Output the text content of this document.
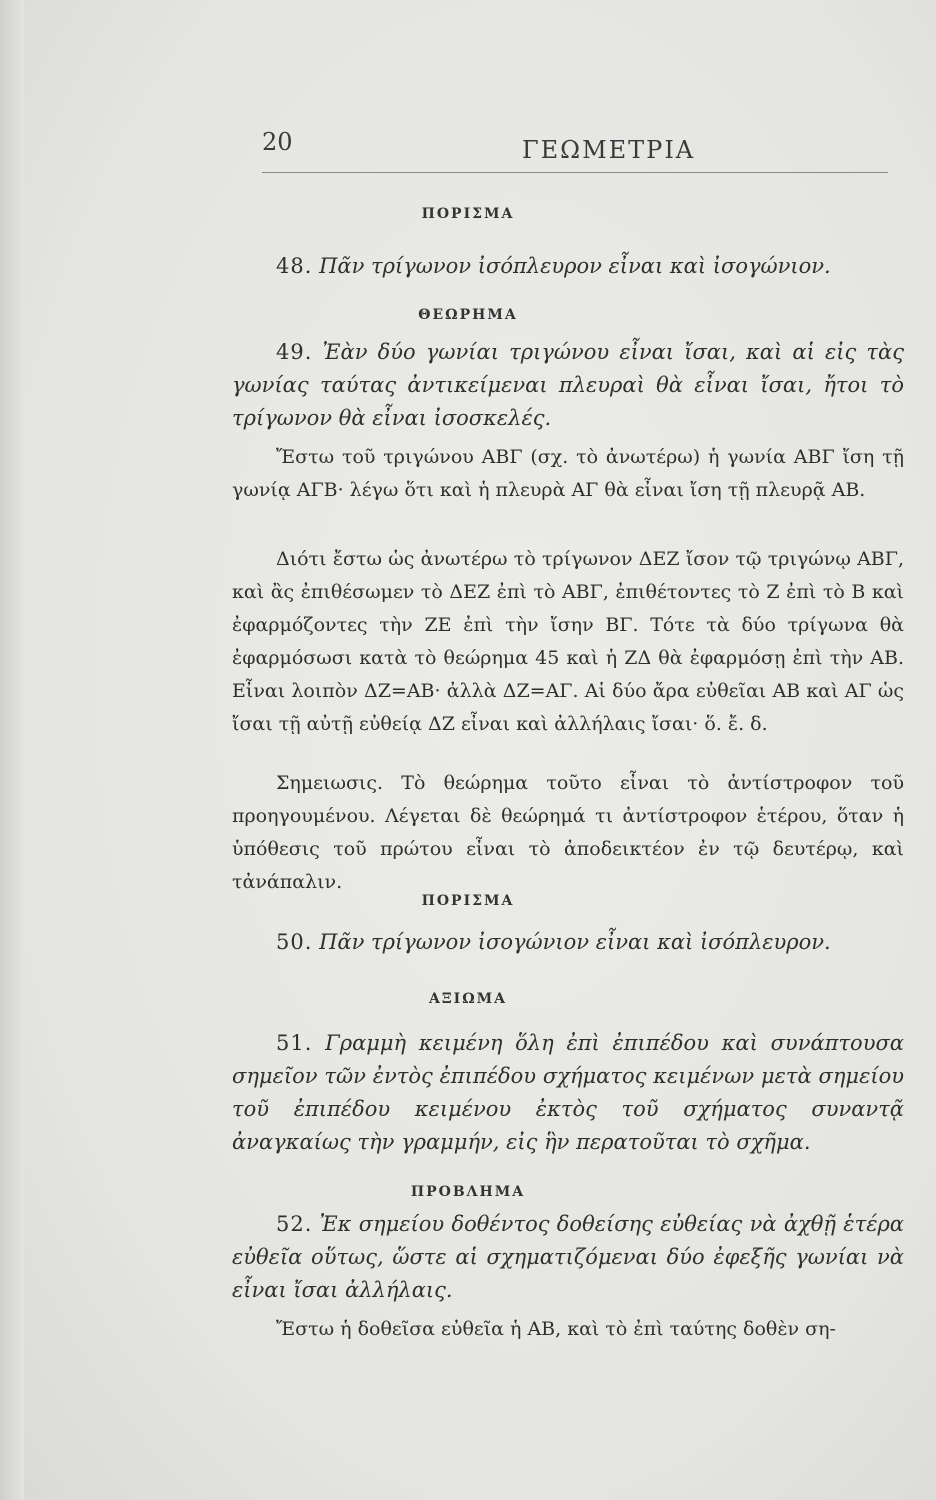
20	ΓΕΩΜΕΤΡΙΑ
ΠΟΡΙΣΜΑ
48. Πᾶν τρίγωνον ἰσόπλευρον εἶναι καὶ ἰσογώνιον.
ΘΕΩΡΗΜΑ
49. Ἐὰν δύο γωνίαι τριγώνου εἶναι ἴσαι, καὶ αἱ εἰς τὰς γωνίας ταύτας ἀντικείμεναι πλευραὶ θὰ εἶναι ἴσαι, ἤτοι τὸ τρίγωνον θὰ εἶναι ἰσοσκελές.
Ἔστω τοῦ τριγώνου ΑΒΓ (σχ. τὸ ἀνωτέρω) ἡ γωνία ΑΒΓ ἴση τῇ γωνίᾳ ΑΓΒ· λέγω ὅτι καὶ ἡ πλευρὰ ΑΓ θὰ εἶναι ἴση τῇ πλευρᾷ ΑΒ.
Διότι ἔστω ὡς ἀνωτέρω τὸ τρίγωνον ΔΕΖ ἴσον τῷ τριγώνῳ ΑΒΓ, καὶ ἂς ἐπιθέσωμεν τὸ ΔΕΖ ἐπὶ τὸ ΑΒΓ, ἐπιθέτοντες τὸ Ζ ἐπὶ τὸ Β καὶ ἐφαρμόζοντες τὴν ΖΕ ἐπὶ τὴν ἴσην ΒΓ. Τότε τὰ δύο τρίγωνα θὰ ἐφαρμόσωσι κατὰ τὸ θεώρημα 45 καὶ ἡ ΖΔ θὰ ἐφαρμόσῃ ἐπὶ τὴν ΑΒ. Εἶναι λοιπὸν ΔΖ=ΑΒ· ἀλλὰ ΔΖ=ΑΓ. Αἱ δύο ἄρα εὐθεῖαι ΑΒ καὶ ΑΓ ὡς ἴσαι τῇ αὐτῇ εὐθείᾳ ΔΖ εἶναι καὶ ἀλλήλαις ἴσαι· ὅ. ἔ. δ.
Σημειωσις. Τὸ θεώρημα τοῦτο εἶναι τὸ ἀντίστροφον τοῦ προηγουμένου. Λέγεται δὲ θεώρημά τι ἀντίστροφον ἑτέρου, ὅταν ἡ ὑπόθεσις τοῦ πρώτου εἶναι τὸ ἀποδεικτέον ἐν τῷ δευτέρῳ, καὶ τἀνάπαλιν.
ΠΟΡΙΣΜΑ
50. Πᾶν τρίγωνον ἰσογώνιον εἶναι καὶ ἰσόπλευρον.
ΑΞΙΩΜΑ
51. Γραμμὴ κειμένη ὅλη ἐπὶ ἐπιπέδου καὶ συνάπτουσα σημεῖον τῶν ἐντὸς ἐπιπέδου σχήματος κειμένων μετὰ σημείου τοῦ ἐπιπέδου κειμένου ἐκτὸς τοῦ σχήματος συναντᾷ ἀναγκαίως τὴν γραμμήν, εἰς ἣν περατοῦται τὸ σχῆμα.
ΠΡΟΒΛΗΜΑ
52. Ἐκ σημείου δοθέντος δοθείσης εὐθείας νὰ ἀχθῇ ἑτέρα εὐθεῖα οὕτως, ὥστε αἱ σχηματιζόμεναι δύο ἐφεξῆς γωνίαι νὰ εἶναι ἴσαι ἀλλήλαις.
Ἔστω ἡ δοθεῖσα εὐθεῖα ἡ ΑΒ, καὶ τὸ ἐπὶ ταύτης δοθὲν ση-
